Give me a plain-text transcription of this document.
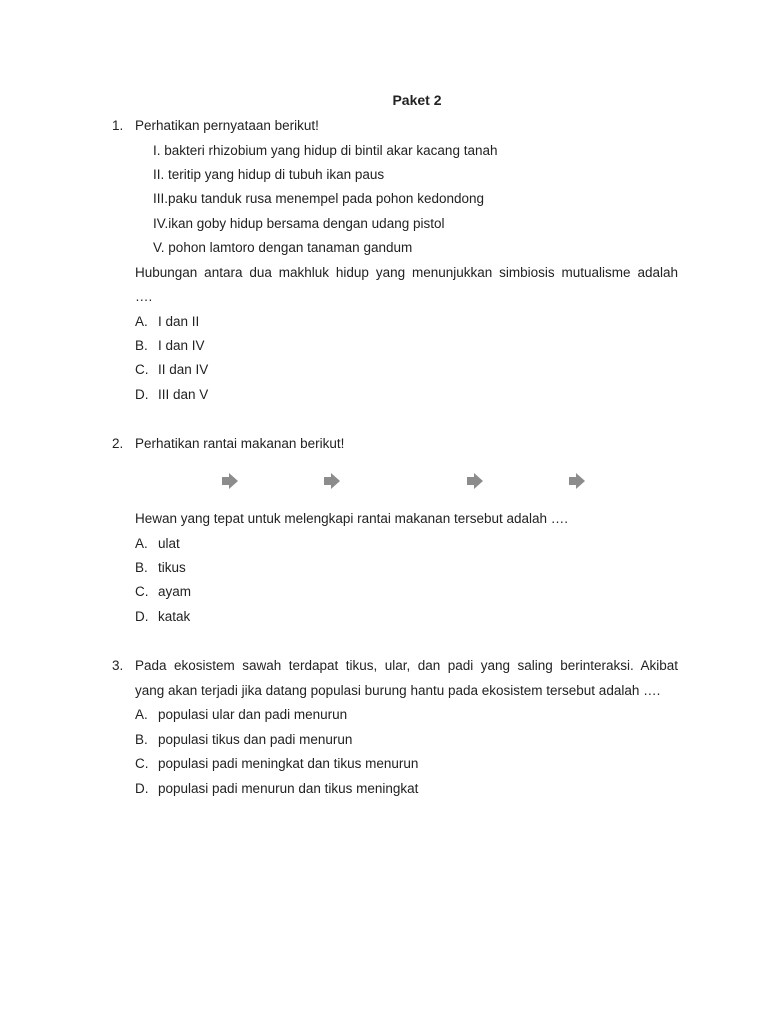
Paket 2
1. Perhatikan pernyataan berikut!
I. bakteri rhizobium yang hidup di bintil akar kacang tanah
II. teritip yang hidup di tubuh ikan paus
III.paku tanduk rusa menempel pada pohon kedondong
IV.ikan goby hidup bersama dengan udang pistol
V. pohon lamtoro dengan tanaman gandum
Hubungan antara dua makhluk hidup yang menunjukkan simbiosis mutualisme adalah
….
A. I dan II
B. I dan IV
C. II dan IV
D. III dan V
2. Perhatikan rantai makanan berikut!
Hewan yang tepat untuk melengkapi rantai makanan tersebut adalah ….
A. ulat
B. tikus
C. ayam
D. katak
3. Pada ekosistem sawah terdapat tikus, ular, dan padi yang saling berinteraksi. Akibat
yang akan terjadi jika datang populasi burung hantu pada ekosistem tersebut adalah ….
A. populasi ular dan padi menurun
B. populasi tikus dan padi menurun
C. populasi padi meningkat dan tikus menurun
D. populasi padi menurun dan tikus meningkat
